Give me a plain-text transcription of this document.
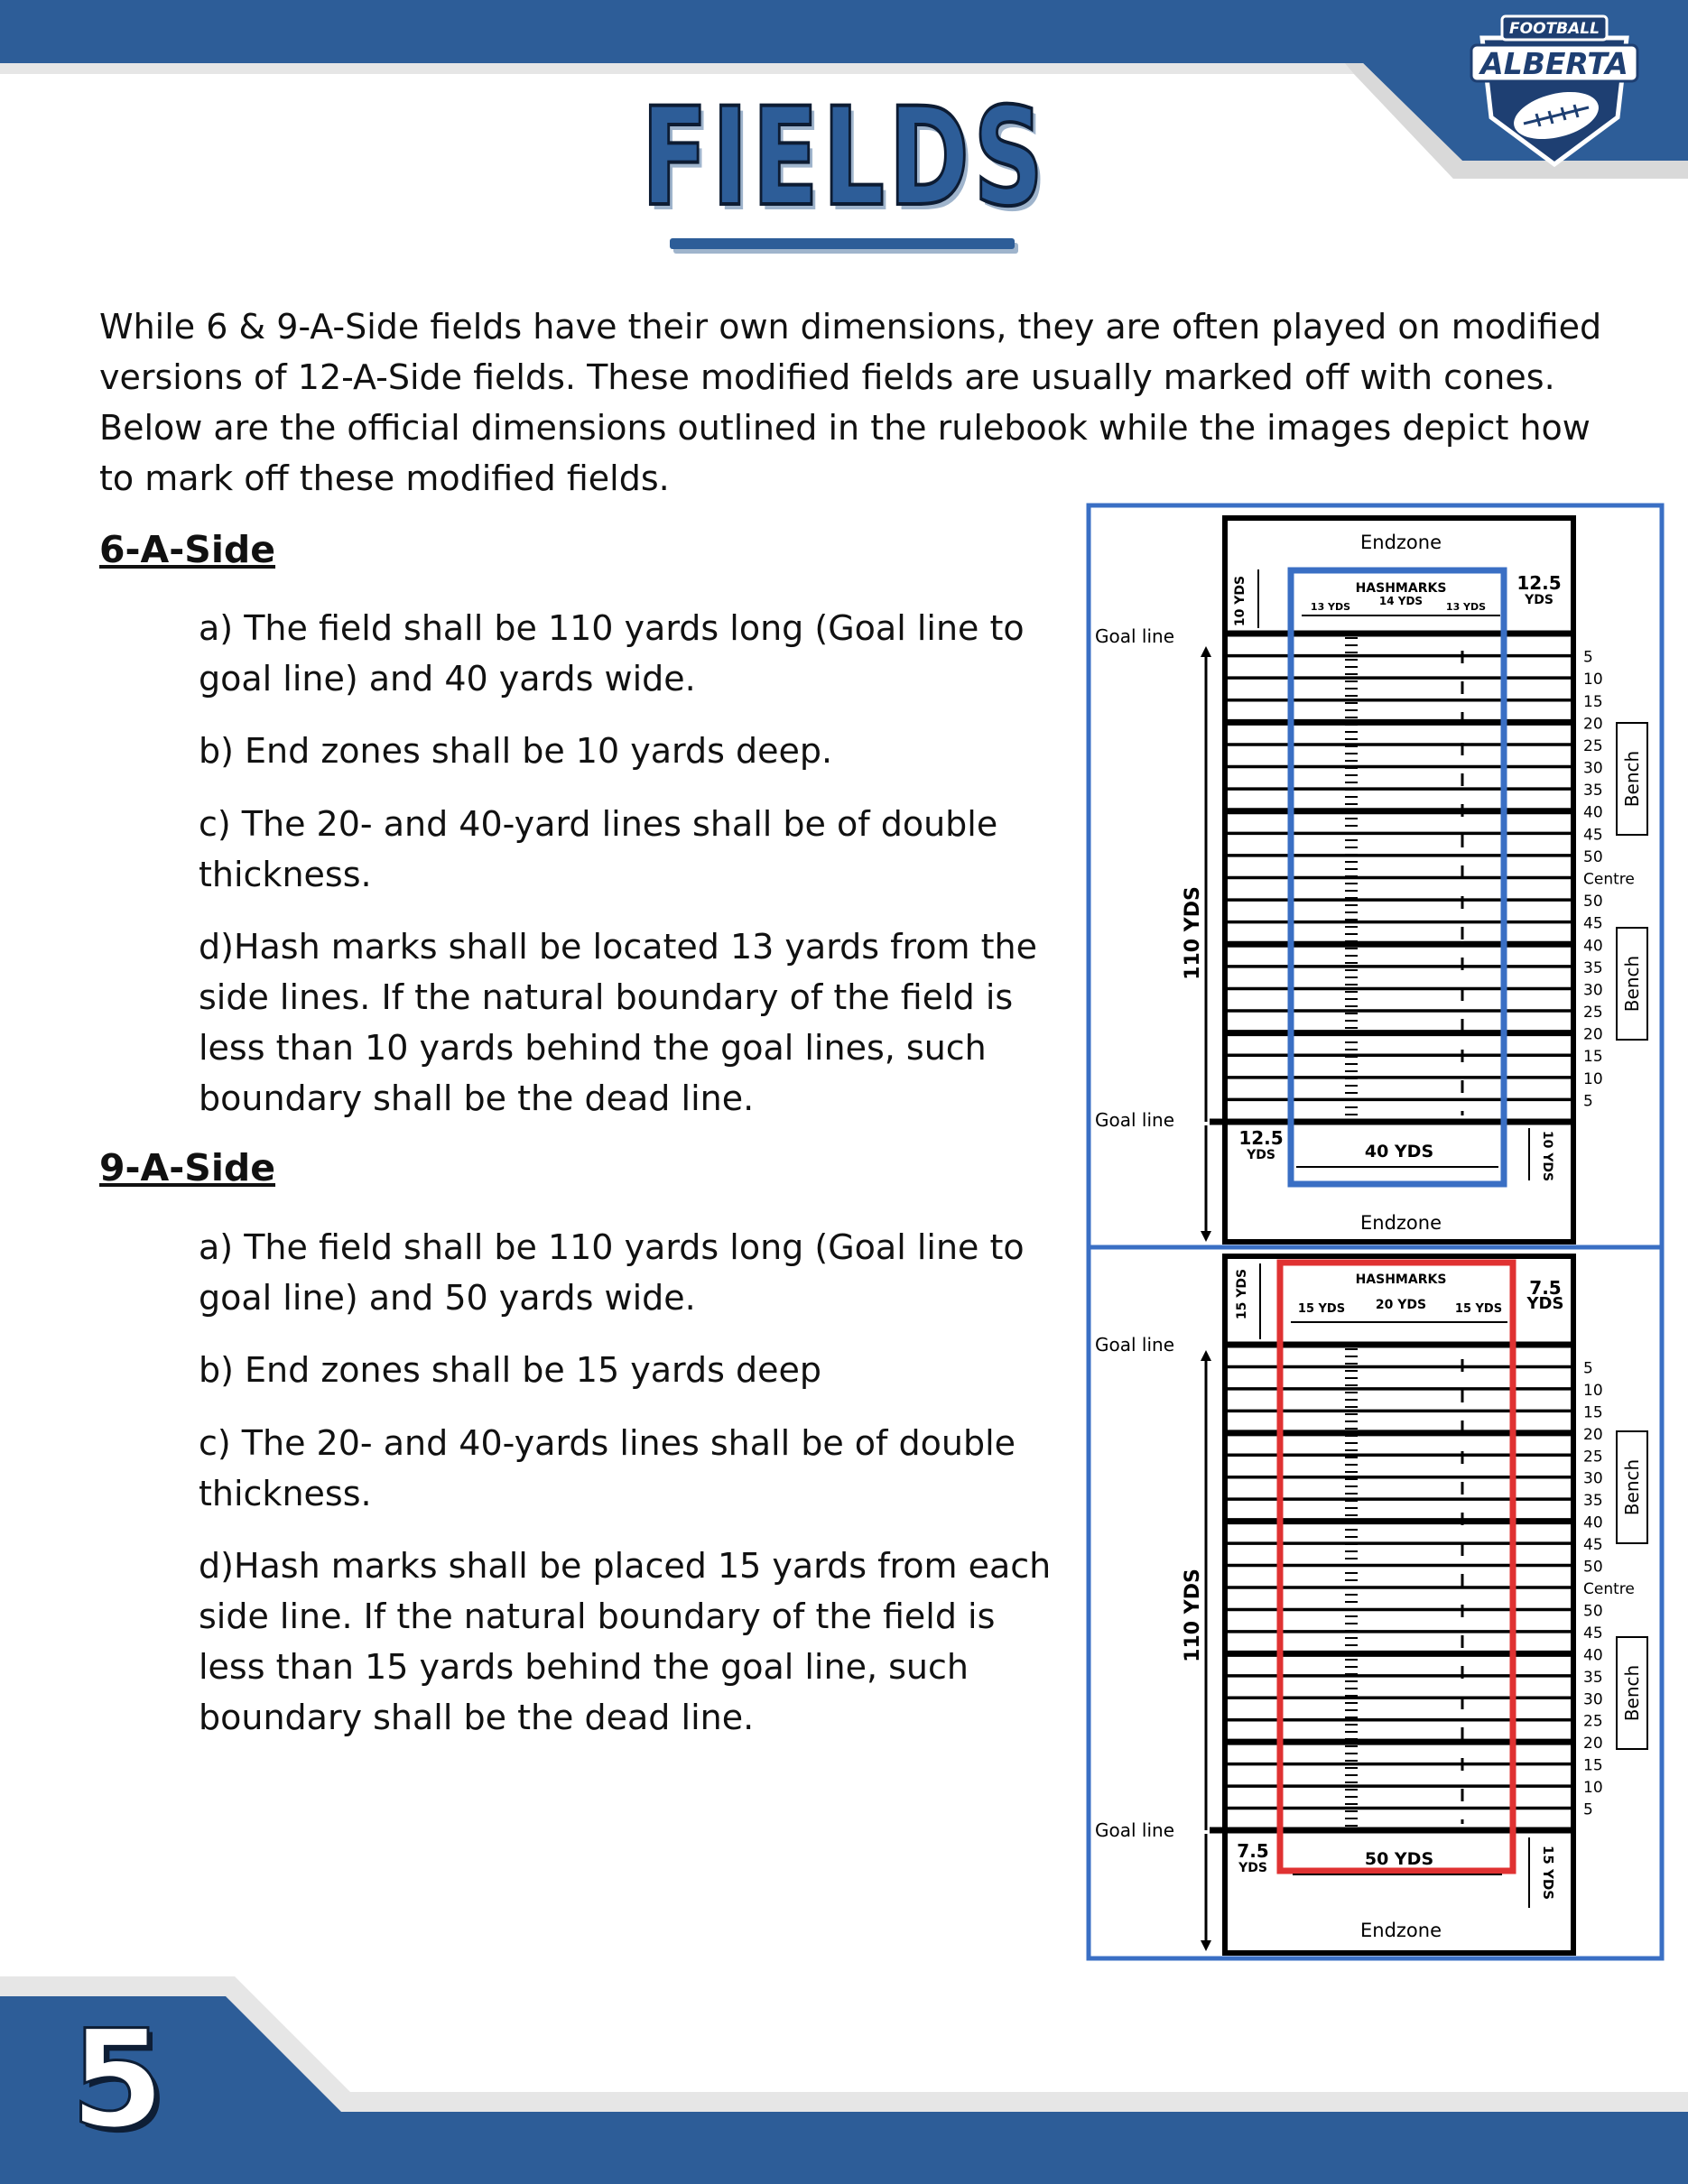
FOOTBALL
ALBERTA
FIELDS

While 6 & 9-A-Side fields have their own dimensions, they are often played on modified versions of 12-A-Side fields. These modified fields are usually marked off with cones. Below are the official dimensions outlined in the rulebook while the images depict how to mark off these modified fields.

6-A-Side

a) The field shall be 110 yards long (Goal line to goal line) and 40 yards wide.

b) End zones shall be 10 yards deep.

c) The 20- and 40-yard lines shall be of double thickness.

d)Hash marks shall be located 13 yards from the side lines. If the natural boundary of the field is less than 10 yards behind the goal lines, such boundary shall be the dead line.

9-A-Side

a) The field shall be 110 yards long (Goal line to goal line) and 50 yards wide.

b) End zones shall be 15 yards deep

c) The 20- and 40-yards lines shall be of double thickness.

d)Hash marks shall be placed 15 yards from each side line. If the natural boundary of the field is less than 15 yards behind the goal line, such boundary shall be the dead line.

Endzone
Endzone
Goal line
Goal line
HASHMARKS
14 YDS
13 YDS	13 YDS
110 YDS
10 YDS	12.5
YDS
12.5
YDS	40 YDS	10 YDS
5
10
15
20
25
30
35
40
45
50
Centre
50
45
40
35
30
25
20
15
10
5
Bench
Bench
Endzone
Goal line
Goal line
HASHMARKS
20 YDS
15 YDS	15 YDS
110 YDS
15 YDS	7.5
YDS
7.5
YDS	50 YDS	15 YDS
5
10
15
20
25
30
35
40
45
50
Centre
50
45
40
35
30
25
20
15
10
5
Bench
Bench
5
